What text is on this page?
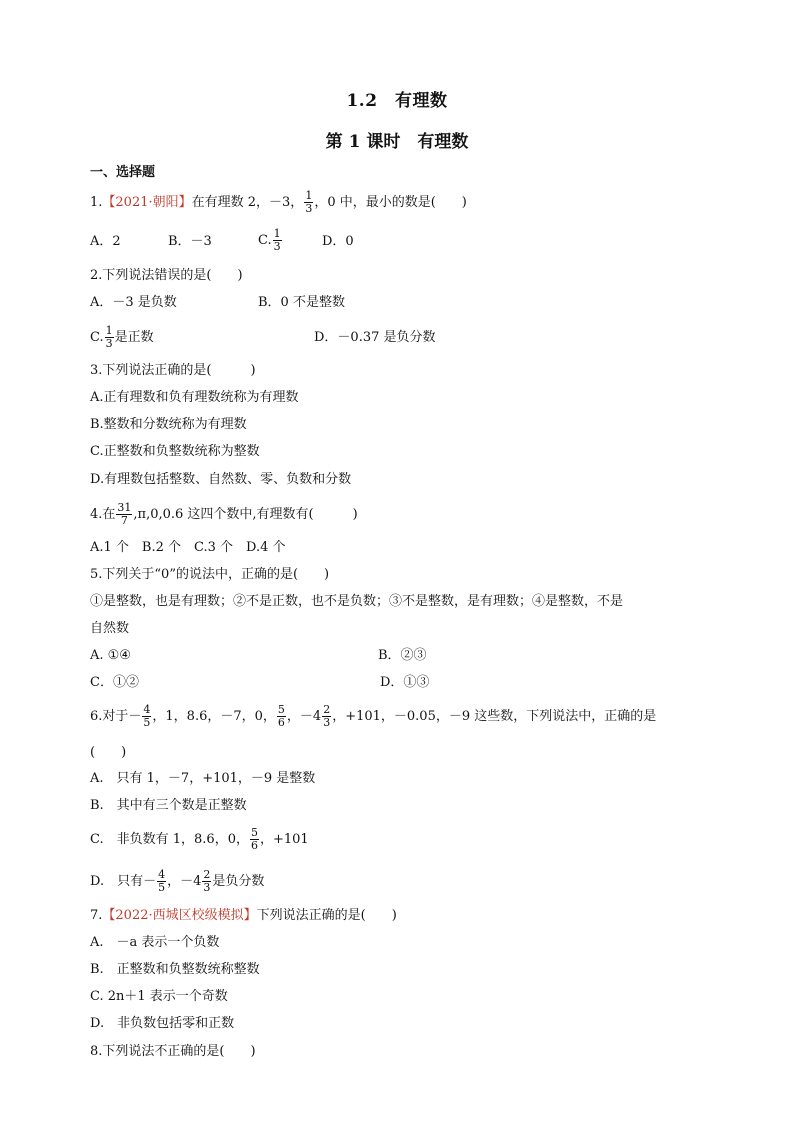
1.2　有理数
第 1 课时　有理数
一、选择题
1.【2021·朝阳】在有理数 2，－3， $\frac{1}{3}$ ，0 中，最小的数是(　　)
A．2	B．－3	C. $\frac{1}{3}$	D．0
2.下列说法错误的是(　　)
A．－3 是负数	B．0 不是整数
C. $\frac{1}{3}$ 是正数	D．－0.37 是负分数
3.下列说法正确的是(　　　)
A.正有理数和负有理数统称为有理数
B.整数和分数统称为有理数
C.正整数和负整数统称为整数
D.有理数包括整数、自然数、零、负数和分数
4.在 $\frac{31}{7} ,\pi,0,0.6$ 这四个数中,有理数有(　　　)
A.1 个　B.2 个　C.3 个　D.4 个
5.下列关于“0”的说法中，正确的是(　　)
①是整数，也是有理数；②不是正数，也不是负数；③不是整数，是有理数；④是整数，不是
自然数
A. ①④	B．②③
C．①②	D．①③
6.对于－ $\frac{4}{5}$ ，1，8.6，－7，0， $\frac{5}{6}$ ，$-4 \frac{2}{3}$ ，+101，－0.05，－9 这些数，下列说法中，正确的是
(　　)
A.　只有 1，－7，+101，－9 是整数
B.　其中有三个数是正整数
C.　非负数有 1，8.6，0， $\frac{5}{6}$ ，+101
D.　只有－ $\frac{4}{5}$ ，$-4 \frac{2}{3}$ 是负分数
7.【2022·西城区校级模拟】下列说法正确的是(　　)
A.　－a 表示一个负数
B.　正整数和负整数统称整数
C. 2n＋1 表示一个奇数
D.　非负数包括零和正数
8.下列说法不正确的是(　　)
